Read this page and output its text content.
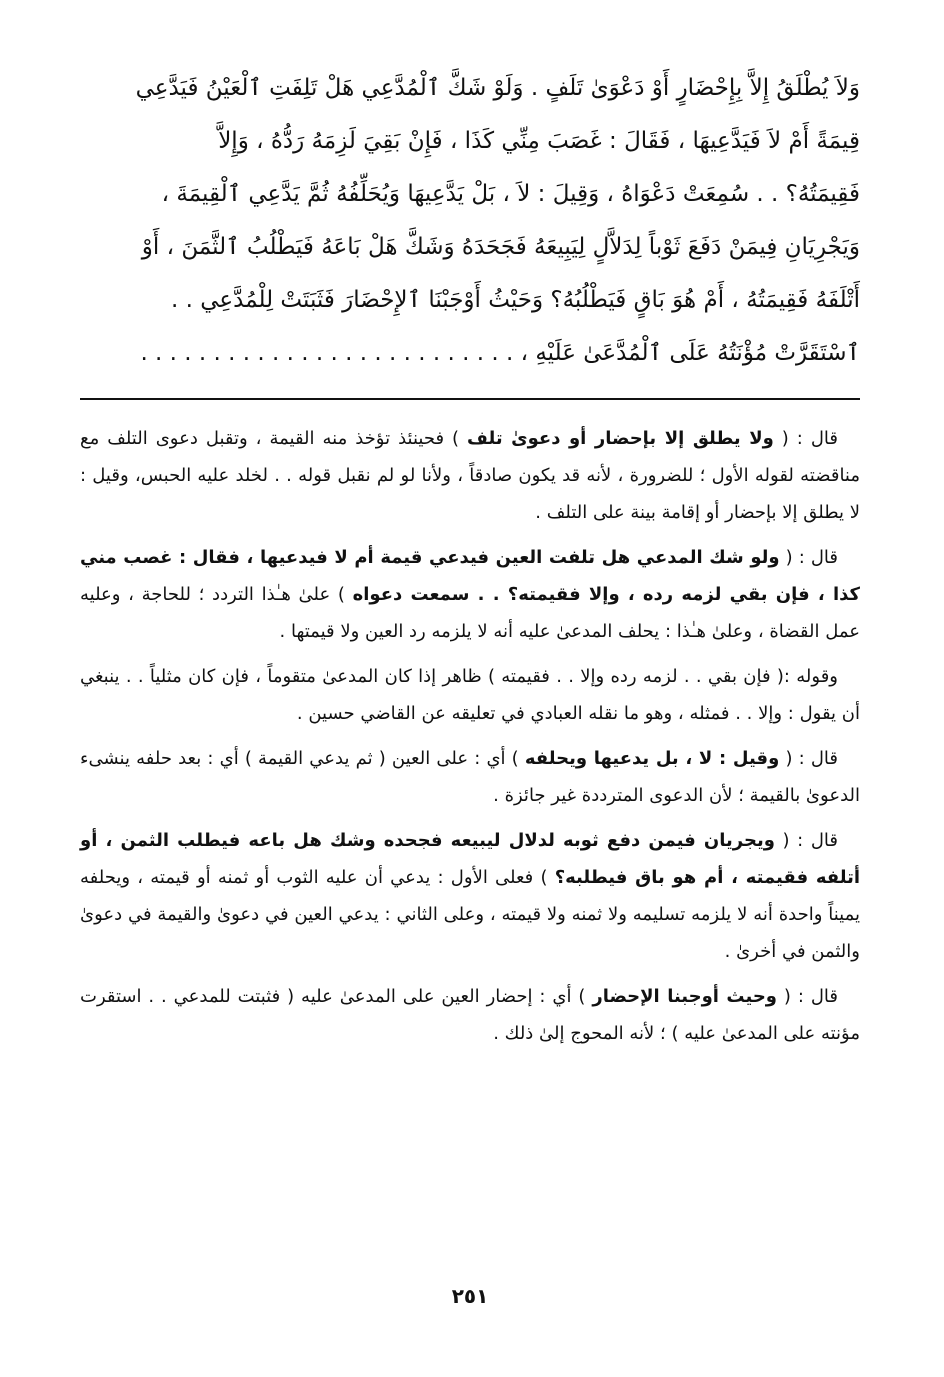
وَلاَ يُطْلَقُ إِلاَّ بِإِحْضَارٍ أَوْ دَعْوَىٰ تَلَفٍ . وَلَوْ شَكَّ ٱلْمُدَّعِي هَلْ تَلِفَتِ ٱلْعَيْنُ فَيَدَّعِي

قِيمَةً أَمْ لاَ فَيَدَّعِيهَا ، فَقَالَ : غَصَبَ مِنِّي كَذَا ، فَإِنْ بَقِيَ لَزِمَهُ رَدُّهُ ، وَإِلاَّ

فَقِيمَتُهُ؟ . . سُمِعَتْ دَعْوَاهُ ، وَقِيلَ : لاَ ، بَلْ يَدَّعِيهَا وَيُحَلِّفُهُ ثُمَّ يَدَّعِي ٱلْقِيمَةَ ،

وَيَجْرِيَانِ فِيمَنْ دَفَعَ ثَوْباً لِدَلاَّلٍ لِيَبِيعَهُ فَجَحَدَهُ وَشَكَّ هَلْ بَاعَهُ فَيَطْلُبُ ٱلثَّمَنَ ، أَوْ

أَتْلَفَهُ فَقِيمَتُهُ ، أَمْ هُوَ بَاقٍ فَيَطْلُبُهُ؟ وَحَيْثُ أَوْجَبْنَا ٱلإِحْضَارَ فَثَبَتَتْ لِلْمُدَّعِي . .

ٱسْتَقَرَّتْ مُؤْنَتُهُ عَلَى ٱلْمُدَّعَىٰ عَلَيْهِ ، . . . . . . . . . . . . . . . . . . . . . . . . . .

قال : ( ولا يطلق إلا بإحضار أو دعوىٰ تلف ) فحينئذ تؤخذ منه القيمة ، وتقبل دعوى التلف مع مناقضته لقوله الأول ؛ للضرورة ، لأنه قد يكون صادقاً ، ولأنا لو لم نقبل قوله . . لخلد عليه الحبس، وقيل : لا يطلق إلا بإحضار أو إقامة بينة على التلف .

قال : ( ولو شك المدعي هل تلفت العين فيدعي قيمة أم لا فيدعيها ، فقال : غصب مني كذا ، فإن بقي لزمه رده ، وإلا فقيمته؟ . . سمعت دعواه ) علىٰ هـٰذا التردد ؛ للحاجة ، وعليه عمل القضاة ، وعلىٰ هـٰذا : يحلف المدعىٰ عليه أنه لا يلزمه رد العين ولا قيمتها .

وقوله :( فإن بقي . . لزمه رده وإلا . . فقيمته ) ظاهر إذا كان المدعىٰ متقوماً ، فإن كان مثلياً . . ينبغي أن يقول : وإلا . . فمثله ، وهو ما نقله العبادي في تعليقه عن القاضي حسين .

قال : ( وقيل : لا ، بل يدعيها ويحلفه ) أي : على العين ( ثم يدعي القيمة ) أي : بعد حلفه ينشىء الدعوىٰ بالقيمة ؛ لأن الدعوى المترددة غير جائزة .

قال : ( ويجريان فيمن دفع ثوبه لدلال ليبيعه فجحده وشك هل باعه فيطلب الثمن ، أو أتلفه فقيمته ، أم هو باق فيطلبه؟ ) فعلى الأول : يدعي أن عليه الثوب أو ثمنه أو قيمته ، ويحلفه يميناً واحدة أنه لا يلزمه تسليمه ولا ثمنه ولا قيمته ، وعلى الثاني : يدعي العين في دعوىٰ والقيمة في دعوىٰ والثمن في أخرىٰ .

قال : ( وحيث أوجبنا الإحضار ) أي : إحضار العين على المدعىٰ عليه ( فثبتت للمدعي . . استقرت مؤنته على المدعىٰ عليه ) ؛ لأنه المحوج إلىٰ ذلك .

٢٥١
